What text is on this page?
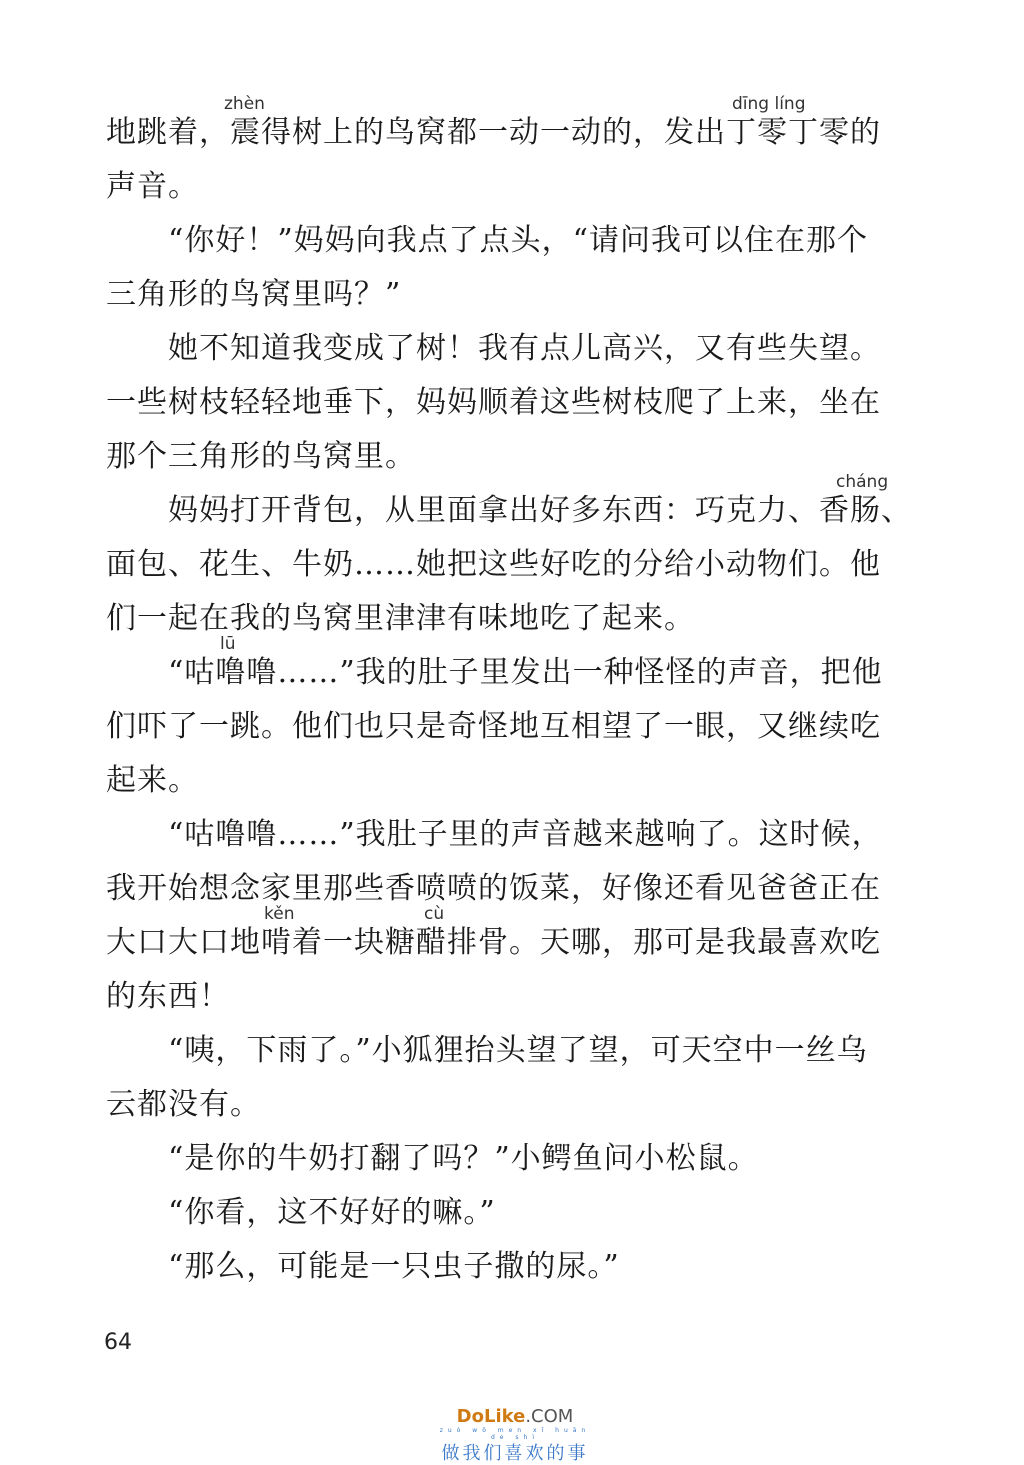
zhèn	dīng líng
地跳着，震得树上的鸟窝都一动一动的，发出丁零丁零的
声音。
“你好！”妈妈向我点了点头，“请问我可以住在那个
三角形的鸟窝里吗？”
她不知道我变成了树！我有点儿高兴，又有些失望。
一些树枝轻轻地垂下，妈妈顺着这些树枝爬了上来，坐在
那个三角形的鸟窝里。
cháng
妈妈打开背包，从里面拿出好多东西：巧克力、香肠、
面包、花生、牛奶……她把这些好吃的分给小动物们。他
们一起在我的鸟窝里津津有味地吃了起来。
lū
“咕噜噜……”我的肚子里发出一种怪怪的声音，把他
们吓了一跳。他们也只是奇怪地互相望了一眼，又继续吃
起来。
“咕噜噜……”我肚子里的声音越来越响了。这时候，
我开始想念家里那些香喷喷的饭菜，好像还看见爸爸正在
kěn	cù
大口大口地啃着一块糖醋排骨。天哪，那可是我最喜欢吃
的东西！
“咦，下雨了。”小狐狸抬头望了望，可天空中一丝乌
云都没有。
“是你的牛奶打翻了吗？”小鳄鱼问小松鼠。
“你看，这不好好的嘛。”
“那么，可能是一只虫子撒的尿。”
64
DoLike.COM
zuò wǒ men xǐ huān de shì
做我们喜欢的事
